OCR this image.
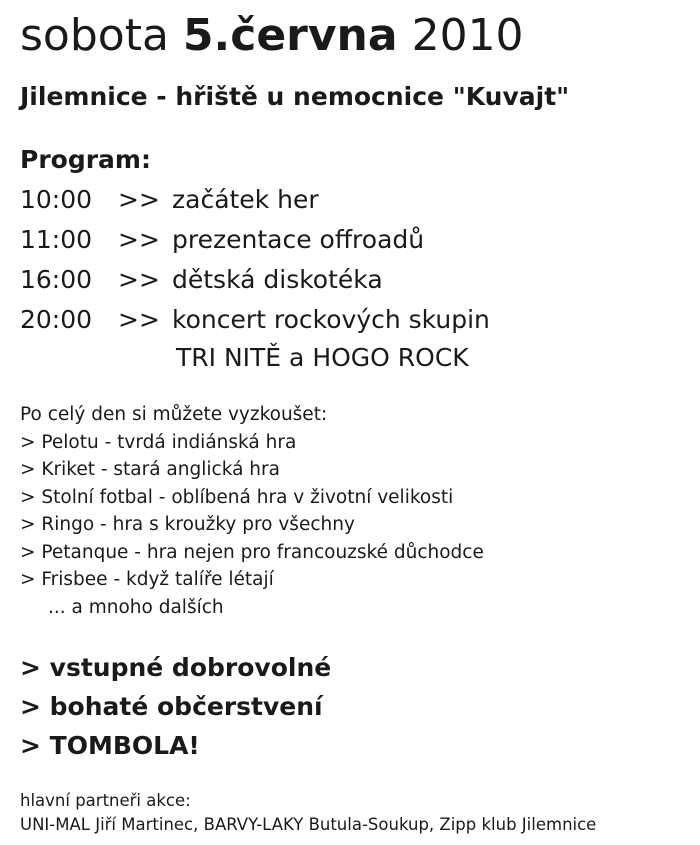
sobota 5.června 2010
Jilemnice - hřiště u nemocnice "Kuvajt"
Program:
10:00 >> začátek her
11:00 >> prezentace offroadů
16:00 >> dětská diskotéka
20:00 >> koncert rockových skupin
TRI NITĚ a HOGO ROCK
Po celý den si můžete vyzkoušet:
> Pelotu - tvrdá indiánská hra
> Kriket - stará anglická hra
> Stolní fotbal - oblíbená hra v životní velikosti
> Ringo - hra s kroužky pro všechny
> Petanque - hra nejen pro francouzské důchodce
> Frisbee - když talíře létají
... a mnoho dalších
> vstupné dobrovolné
> bohaté občerstvení
> TOMBOLA!
hlavní partneři akce:
UNI-MAL Jiří Martinec, BARVY-LAKY Butula-Soukup, Zipp klub Jilemnice
